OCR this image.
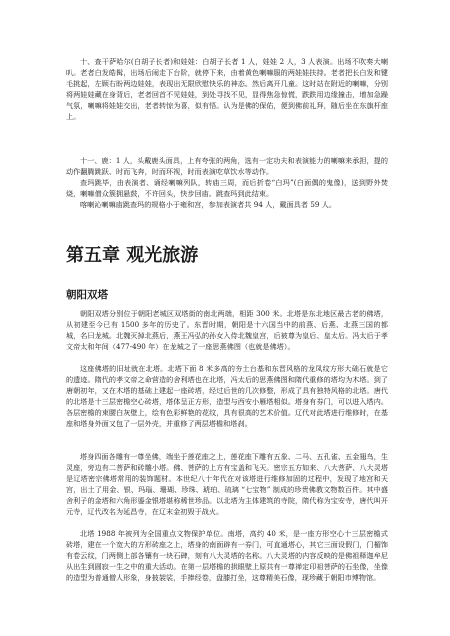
十、查干萨哈尔(白胡子长者)和娃娃：白胡子长者 1 人，娃娃 2 人，3 人表演。出场不吹奏大喇叭。老者白发皓髯，出场后闹走下台阶，就停下来，由着黄色喇嘛服的两娃娃扶持。老者把长白发和键毛挑起，左顾右盼两边娃娃，表现出无限欣慰快乐的神态。然后离开几童。这时站在附近的喇嘛，分别将两娃娃藏在身背后，老者回首不见娃娃，到处寻找不见，显得焦急惊慌，跌跌用边缘撞击，增加急躁气氛，喇嘛将娃娃交出，老者转惊为喜，似有悟。认为是佛的保佑，便到佛前礼拜，随后坐在东旗杆座上。

十一、鹿：1 人，头戴鹿头面具，上有夸张的两角，选有一定功夫和表演能力的喇嘛来承担，提的动作翻腾跳跃、时而飞奔，时而环视，时而表演吃草饮水等动作。

查玛跳毕，由表演者、诵经喇嘛列队，转庙三周，而后折卷“白玛”(白面偶的鬼像)，送到野外焚烧，喇嘛僧众簇拥悬鼓，不许回头，快步回庙。跳查玛到此结束。

喀喇沁喇嘛庙跳查玛的规格小于雍和宫，参加表演者共 94 人，戴面具者 59 人。

第五章 观光旅游
朝阳双塔

朝阳双塔分别位于朝阳老城区双塔街的南北两端，相距 300 米。北塔是东北地区最古老的佛塔，从初建至今已有 1500 多年的历史了。东晋时期，朝阳是十六国当中的前燕、后燕、北燕三国的都城，名曰龙城。北魏灭掉北燕后，燕王冯弘的孙女入侍北魏皇宫，后被尊为皇后、皇太后。冯太后于孝文帝太和年间（477-490 年）在龙城之了一座思燕佛图（也就是佛塔）。

这座佛塔的旧址就在北塔。北塔下面 8 米多高的夯土台基和东晋风格的龙凤纹方形大础石就是它的遗迹。隋代的孝文帝之命营造的舍利塔也在北塔，冯太后的思燕佛图和隋代重修的塔均为木塔。到了唐朝初年，又在木塔的基础上建起一座砖塔，经过后世的几次修整，形成了具有独特风格的北塔。唐代的北塔是十三层密檐空心砖塔，塔体呈正方形，造型与西安小雁塔相似。塔身有券门，可以进入塔内。各层密檐的束腰白灰壁上，绘有色彩鲜艳的花纹，具有很高的艺术价值。辽代对此塔进行维修时，在基座和塔身外面又包了一层外壳，并重修了两层塔檐和塔刹。

塔身四面各雕有一尊坐佛，端坐于莲花座之上，莲花座下雕有五象、二马、五孔雀、五金翅鸟，生灵座，旁边有二菩萨和砖雕小塔。佛、菩萨的上方有宝盖和飞天。密宗五方如来、八大菩萨、八大灵塔是辽塔密宗佛塔常用的装饰题材。本世纪八十年代在对该塔进行维修加固的过程中，发现了地宫和天宫，出土了用金、银、玛瑙、珊瑚、珍珠、琥珀、琉璃 “七宝物” 制成的珍贵佛教文物数百件。其中盛舍利子的金塔和六角形鎏金银塔堪称稀世珍品。以北塔为主体建筑的寺院，隋代称为宝安寺，唐代叫开元寺，辽代改名为延昌寺，在辽末金初毁于战火。

北塔 1988 年被列为全国重点文物保护单位。南塔，高约 40 米，是一座方形空心十三层密檐式砖塔，建在一个宽大的方形砖座之上，塔身的南面辟有一券门，可直通塔心，其它三面设假门，门楣饰有卷云纹，门两侧上部各镶有一块石碑，刻有八大灵塔的名称。八大灵塔的内容反映的是佛祖释迦牟尼从出生到圆寂一生之中的重大活动。在第一层塔檐的拱眼壁上原共有一尊禅定印祖菩萨的石坐像，坐像的造型为普通僧人形象，身披袈裟，手捧经卷，盘膝打坐，这尊精美石像，现珍藏于朝阳市博物馆。
